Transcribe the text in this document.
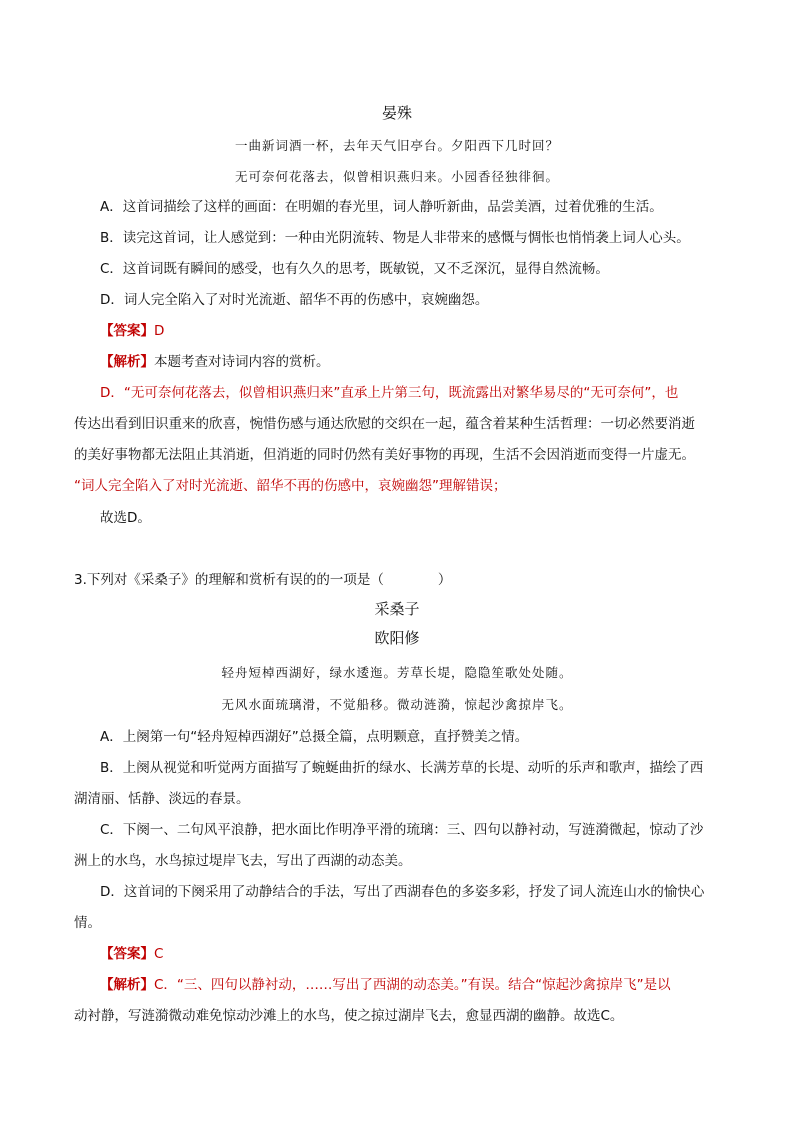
晏殊
一曲新词酒一杯，去年天气旧亭台。夕阳西下几时回？
无可奈何花落去，似曾相识燕归来。小园香径独徘徊。
A．这首词描绘了这样的画面：在明媚的春光里，词人静听新曲，品尝美酒，过着优雅的生活。
B．读完这首词，让人感觉到：一种由光阴流转、物是人非带来的感慨与惆怅也悄悄袭上词人心头。
C．这首词既有瞬间的感受，也有久久的思考，既敏锐，又不乏深沉，显得自然流畅。
D．词人完全陷入了对时光流逝、韶华不再的伤感中，哀婉幽怨。
【答案】D
【解析】本题考查对诗词内容的赏析。
D．“无可奈何花落去，似曾相识燕归来”直承上片第三句，既流露出对繁华易尽的“无可奈何”，也
传达出看到旧识重来的欣喜，惋惜伤感与通达欣慰的交织在一起，蕴含着某种生活哲理：一切必然要消逝
的美好事物都无法阻止其消逝，但消逝的同时仍然有美好事物的再现，生活不会因消逝而变得一片虚无。
“词人完全陷入了对时光流逝、韶华不再的伤感中，哀婉幽怨”理解错误；
故选D。
3.下列对《采桑子》的理解和赏析有误的的一项是（　　　　）
采桑子
欧阳修
轻舟短棹西湖好，绿水逶迤。芳草长堤，隐隐笙歌处处随。
无风水面琉璃滑，不觉船移。微动涟漪，惊起沙禽掠岸飞。
A．上阕第一句“轻舟短棹西湖好”总摄全篇，点明颗意，直抒赞美之情。
B．上阕从视觉和听觉两方面描写了蜿蜒曲折的绿水、长满芳草的长堤、动听的乐声和歌声，描绘了西
湖清丽、恬静、淡远的春景。
C．下阕一、二句风平浪静，把水面比作明净平滑的琉璃：三、四句以静衬动，写涟漪微起，惊动了沙
洲上的水鸟，水鸟掠过堤岸飞去，写出了西湖的动态美。
D．这首词的下阕采用了动静结合的手法，写出了西湖春色的多姿多彩，抒发了词人流连山水的愉快心
情。
【答案】C
【解析】C．“三、四句以静衬动，……写出了西湖的动态美。”有误。结合“惊起沙禽掠岸飞”是以
动衬静，写涟漪微动难免惊动沙滩上的水鸟，使之掠过湖岸飞去，愈显西湖的幽静。故选C。
